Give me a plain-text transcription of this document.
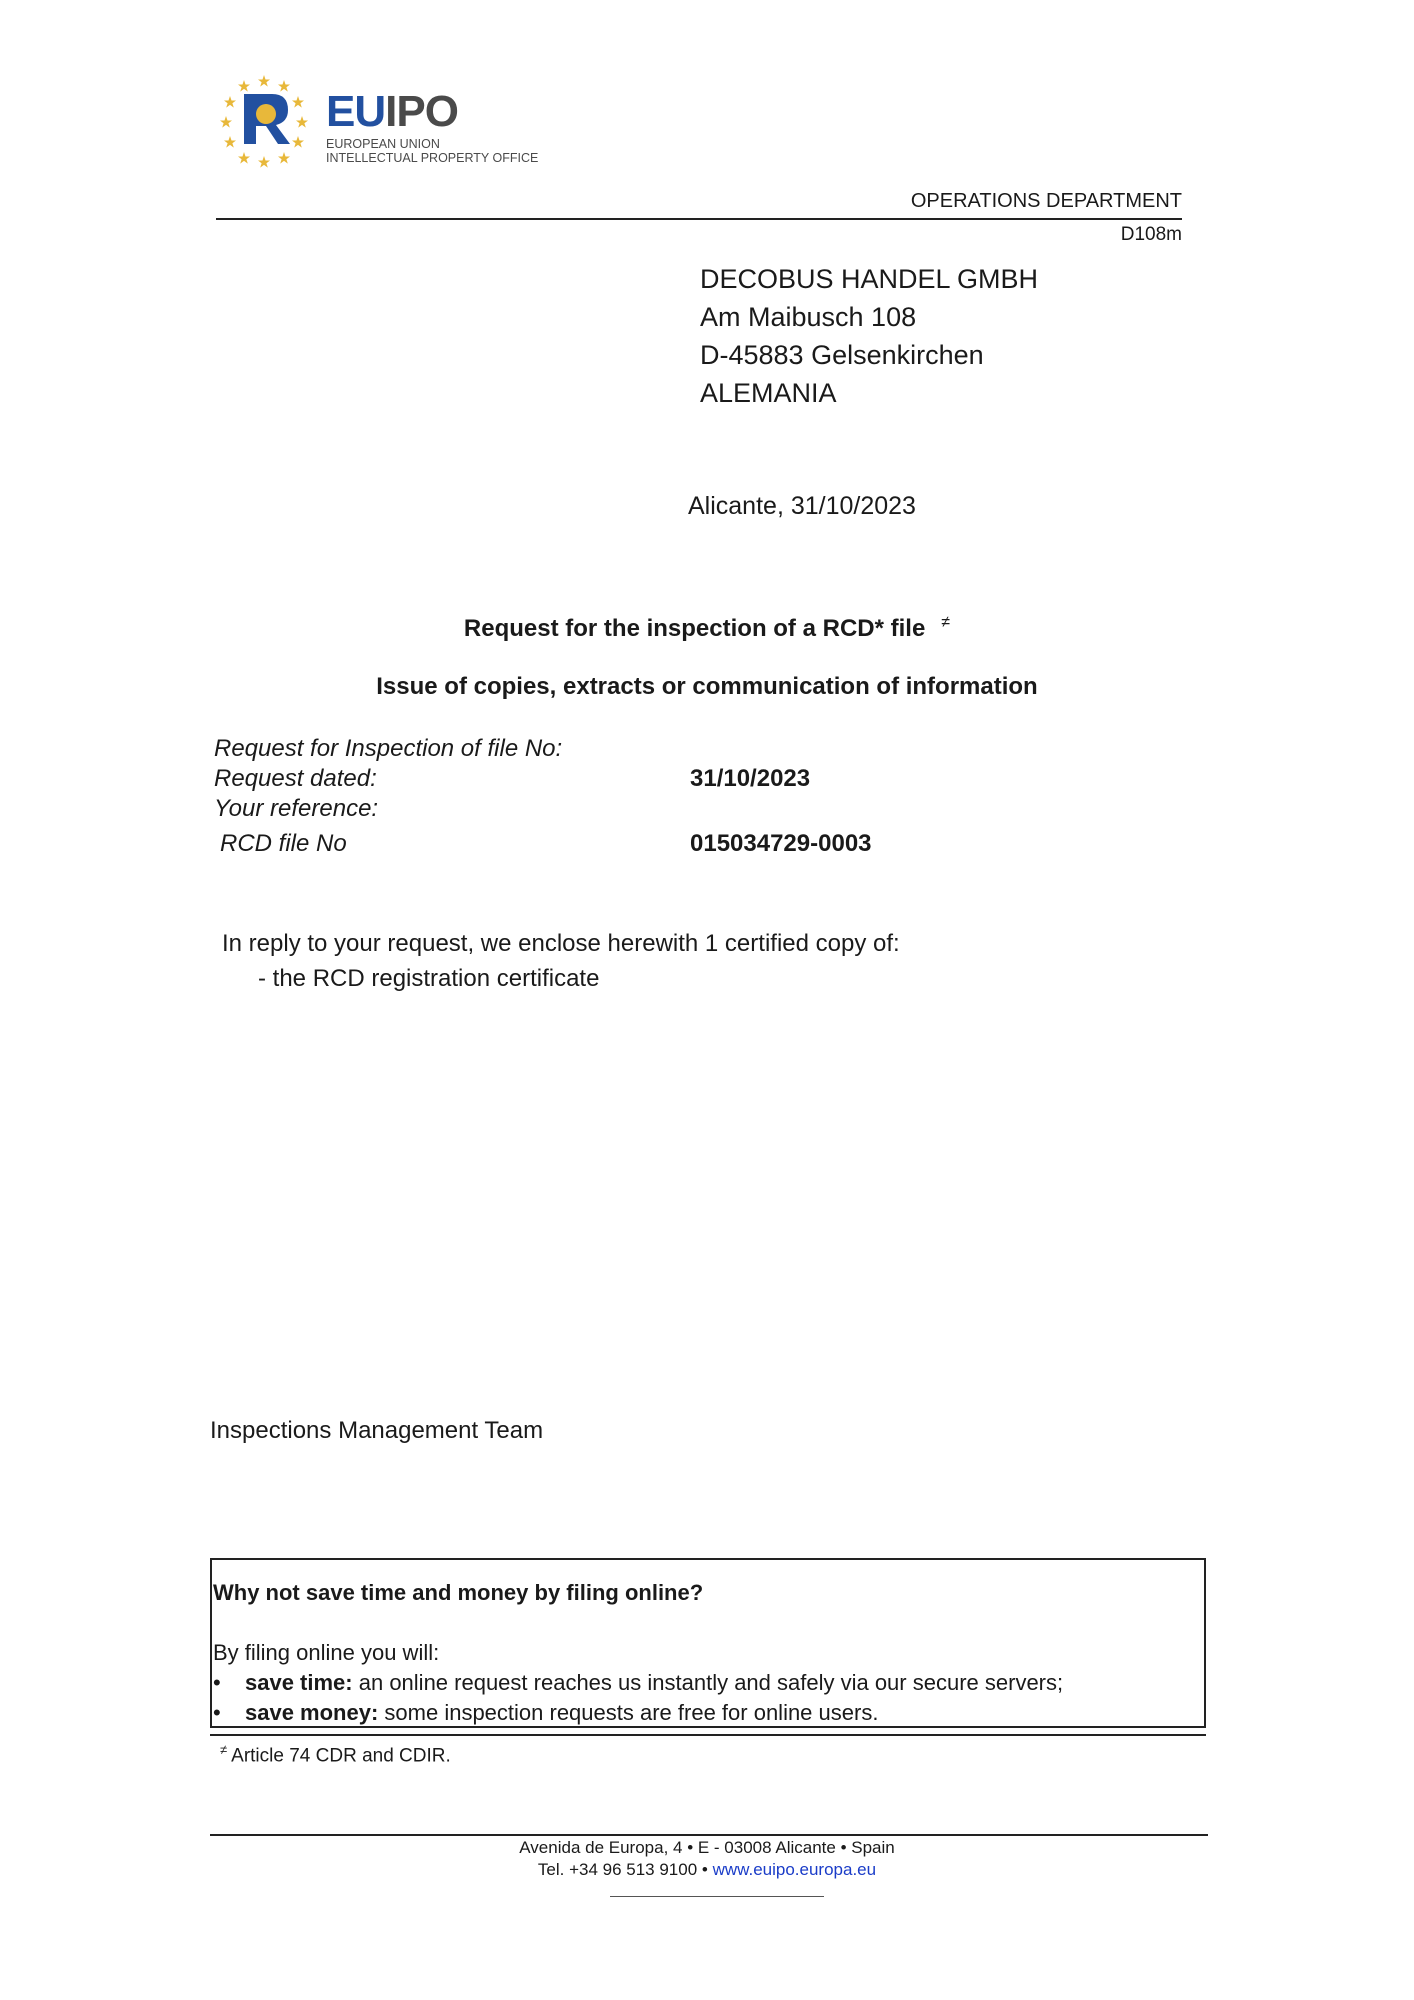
EUIPO
EUROPEAN UNION
INTELLECTUAL PROPERTY OFFICE
OPERATIONS DEPARTMENT
D108m
DECOBUS HANDEL GMBH
Am Maibusch 108
D-45883 Gelsenkirchen
ALEMANIA
Alicante, 31/10/2023
Request for the inspection of a RCD* file ≠
Issue of copies, extracts or communication of information
Request for Inspection of file No:
Request dated:	31/10/2023
Your reference:
RCD file No	015034729-0003
In reply to your request, we enclose herewith 1 certified copy of:
- the RCD registration certificate
Inspections Management Team
Why not save time and money by filing online?
By filing online you will:
• save time: an online request reaches us instantly and safely via our secure servers;
• save money: some inspection requests are free for online users.
≠ Article 74 CDR and CDIR.
Avenida de Europa, 4 • E - 03008 Alicante • Spain
Tel. +34 96 513 9100 • www.euipo.europa.eu
